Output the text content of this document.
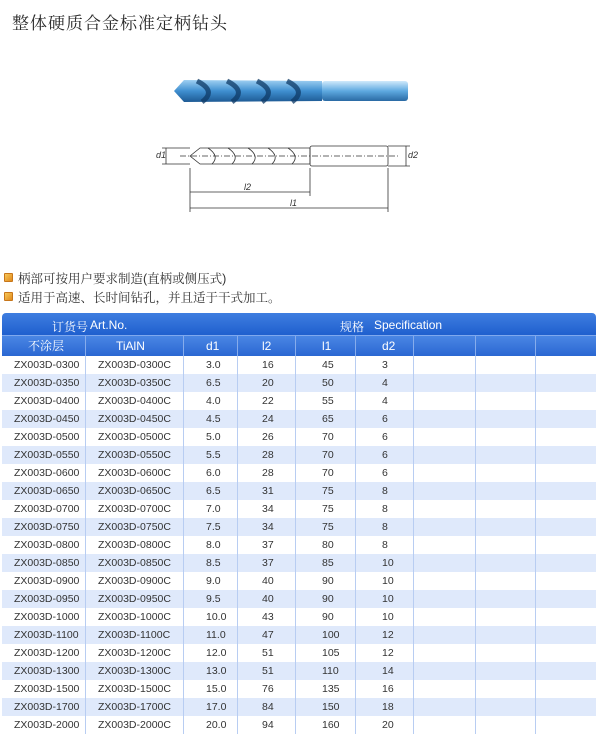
整体硬质合金标准定柄钻头
d1	d2
l2
l1
柄部可按用户要求制造(直柄或侧压式)
适用于高速、长时间钻孔，并且适于干式加工。
订货号 Art.No.	规格 Specification
不涂层	TiAlN	d1	l2	l1	d2
ZX003D-0300	ZX003D-0300C	3.0	16	45	3
ZX003D-0350	ZX003D-0350C	6.5	20	50	4
ZX003D-0400	ZX003D-0400C	4.0	22	55	4
ZX003D-0450	ZX003D-0450C	4.5	24	65	6
ZX003D-0500	ZX003D-0500C	5.0	26	70	6
ZX003D-0550	ZX003D-0550C	5.5	28	70	6
ZX003D-0600	ZX003D-0600C	6.0	28	70	6
ZX003D-0650	ZX003D-0650C	6.5	31	75	8
ZX003D-0700	ZX003D-0700C	7.0	34	75	8
ZX003D-0750	ZX003D-0750C	7.5	34	75	8
ZX003D-0800	ZX003D-0800C	8.0	37	80	8
ZX003D-0850	ZX003D-0850C	8.5	37	85	10
ZX003D-0900	ZX003D-0900C	9.0	40	90	10
ZX003D-0950	ZX003D-0950C	9.5	40	90	10
ZX003D-1000	ZX003D-1000C	10.0	43	90	10
ZX003D-1100	ZX003D-1100C	11.0	47	100	12
ZX003D-1200	ZX003D-1200C	12.0	51	105	12
ZX003D-1300	ZX003D-1300C	13.0	51	110	14
ZX003D-1500	ZX003D-1500C	15.0	76	135	16
ZX003D-1700	ZX003D-1700C	17.0	84	150	18
ZX003D-2000	ZX003D-2000C	20.0	94	160	20
